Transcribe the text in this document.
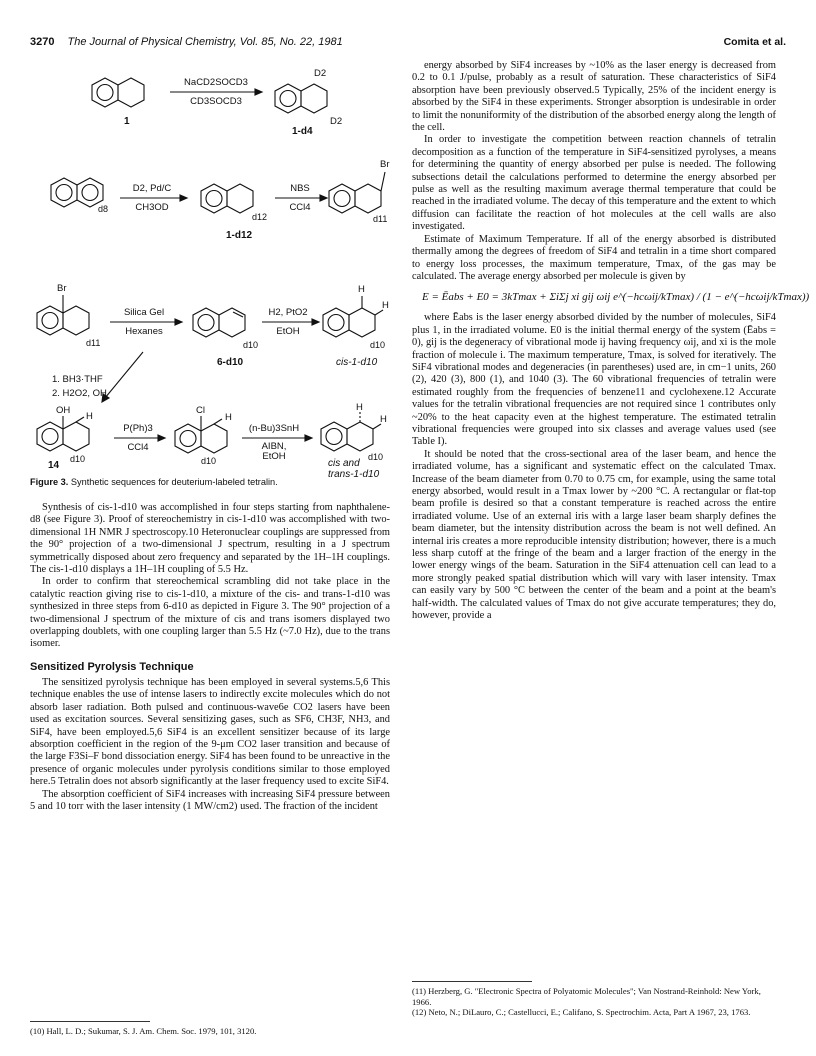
3270 The Journal of Physical Chemistry, Vol. 85, No. 22, 1981	Comita et al.
NaCD2SOCD3
CD3SOCD3
1
D2
D2
1-d4
d8
D2, Pd/C
CH3OD
d12
1-d12
NBS
CCl4
Br
d11
Br
d11
Silica Gel
Hexanes
d10
6-d10
H2, PtO2
EtOH
H
H
d10
cis-1-d10
1. BH3·THF
2. H2O2, OH
OH
H
d10
14
P(Ph)3
CCl4
Cl
H
d10
(n-Bu)3SnH
AIBN,
EtOH
H
H
d10
cis and
trans-1-d10
Figure 3. Synthetic sequences for deuterium-labeled tetralin.

Synthesis of cis-1-d10 was accomplished in four steps starting from naphthalene-d8 (see Figure 3). Proof of stereochemistry in cis-1-d10 was accomplished with two-dimensional 1H NMR J spectroscopy.10 Heteronuclear couplings are suppressed from the 90° projection of a two-dimensional J spectrum, resulting in a J spectrum symmetrically disposed about zero frequency and separated by the 1H–1H couplings. The cis-1-d10 displays a 1H–1H coupling of 5.5 Hz.

In order to confirm that stereochemical scrambling did not take place in the catalytic reaction giving rise to cis-1-d10, a mixture of the cis- and trans-1-d10 was synthesized in three steps from 6-d10 as depicted in Figure 3. The 90° projection of a two-dimensional J spectrum of the mixture of cis and trans isomers displayed two overlapping doublets, with one coupling larger than 5.5 Hz (~7.0 Hz), due to the trans isomer.

Sensitized Pyrolysis Technique

The sensitized pyrolysis technique has been employed in several systems.5,6 This technique enables the use of intense lasers to indirectly excite molecules which do not absorb laser radiation. Both pulsed and continuous-wave6e CO2 lasers have been used as excitation sources. Several sensitizing gases, such as SF6, CH3F, NH3, and SiF4, have been employed.5,6 SiF4 is an excellent sensitizer because of its large absorption coefficient in the region of the 9-μm CO2 laser transition and because of the large F3Si–F bond dissociation energy. SiF4 has been found to be unreactive in the presence of organic molecules under pyrolysis conditions similar to those employed here.5 Tetralin does not absorb significantly at the laser frequency used to excite SiF4.

The absorption coefficient of SiF4 increases with increasing SiF4 pressure between 5 and 10 torr with the laser intensity (1 MW/cm2) used. The fraction of the incident

(10) Hall, L. D.; Sukumar, S. J. Am. Chem. Soc. 1979, 101, 3120.

energy absorbed by SiF4 increases by ~10% as the laser energy is decreased from 0.2 to 0.1 J/pulse, probably as a result of saturation. These characteristics of SiF4 absorption have been previously observed.5 Typically, 25% of the incident energy is absorbed by the SiF4 in these experiments. Stronger absorption is undesirable in order to limit the nonuniformity of the distribution of the absorbed energy along the length of the cell.

In order to investigate the competition between reaction channels of tetralin decomposition as a function of the temperature in SiF4-sensitized pyrolyses, a means for determining the quantity of energy absorbed per pulse is needed. The following subsections detail the calculations performed to determine the energy absorbed per pulse as well as the resulting maximum average thermal temperature that could be reached in the irradiated volume. The decay of this temperature and the extent to which diffusion can facilitate the reaction of hot molecules at the cell walls are also investigated.

Estimate of Maximum Temperature. If all of the energy absorbed is distributed thermally among the degrees of freedom of SiF4 and tetralin in a time short compared to energy loss processes, the maximum temperature, Tmax, of the gas may be calculated. The average energy absorbed per molecule is given by

E = Ēabs + E0 = 3kTmax + ΣiΣj xi gij ωij e^(−hcωij/kTmax) / (1 − e^(−hcωij/kTmax))

where Ēabs is the laser energy absorbed divided by the number of molecules, SiF4 plus 1, in the irradiated volume. E0 is the initial thermal energy of the system (Ēabs = 0), gij is the degeneracy of vibrational mode ij having frequency ωij, and xi is the mole fraction of molecule i. The maximum temperature, Tmax, is solved for iteratively. The SiF4 vibrational modes and degeneracies (in parentheses) used are, in cm−1 units, 260 (2), 420 (3), 800 (1), and 1040 (3). The 60 vibrational frequencies of tetralin were estimated roughly from the frequencies of benzene11 and cyclohexene.12 Accurate values for the tetralin vibrational frequencies are not required since 1 contributes only ~20% to the heat capacity even at the highest temperature. The estimated tetralin vibrational frequencies were grouped into six classes and average values used (see Table I).

It should be noted that the cross-sectional area of the laser beam, and hence the irradiated volume, has a significant and systematic effect on the calculated Tmax. Increase of the beam diameter from 0.70 to 0.75 cm, for example, using the same total energy absorbed, would result in a Tmax lower by ~200 °C. A rectangular or flat-top beam profile is desired so that a constant temperature is reached across the entire irradiated volume. Use of an external iris with a large laser beam sharply defines the beam diameter, but the intensity distribution across the beam is not well defined. An internal iris creates a more reproducible intensity distribution; however, there is a much less sharp cutoff at the fringe of the beam and a larger fraction of the energy in the lower energy wings of the beam. Saturation in the SiF4 attenuation cell can lead to a more strongly peaked spatial distribution which will vary with laser intensity. Tmax can easily vary by 500 °C between the center of the beam and a point at the beam's half-width. The calculated values of Tmax do not give accurate temperatures; they do, however, provide a

(11) Herzberg, G. "Electronic Spectra of Polyatomic Molecules"; Van Nostrand-Reinhold: New York, 1966.

(12) Neto, N.; DiLauro, C.; Castellucci, E.; Califano, S. Spectrochim. Acta, Part A 1967, 23, 1763.
